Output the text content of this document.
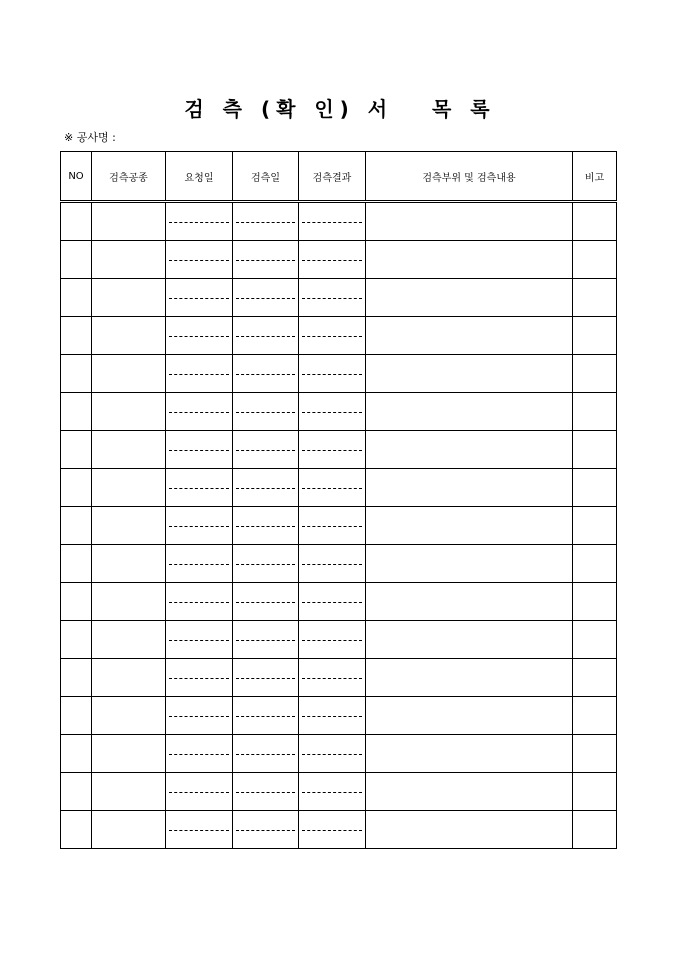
검 측 (확 인) 서   목 록
※ 공사명 :
NO	검측공종	요청일	검측일	검측결과	검측부위 및 검측내용	비고
